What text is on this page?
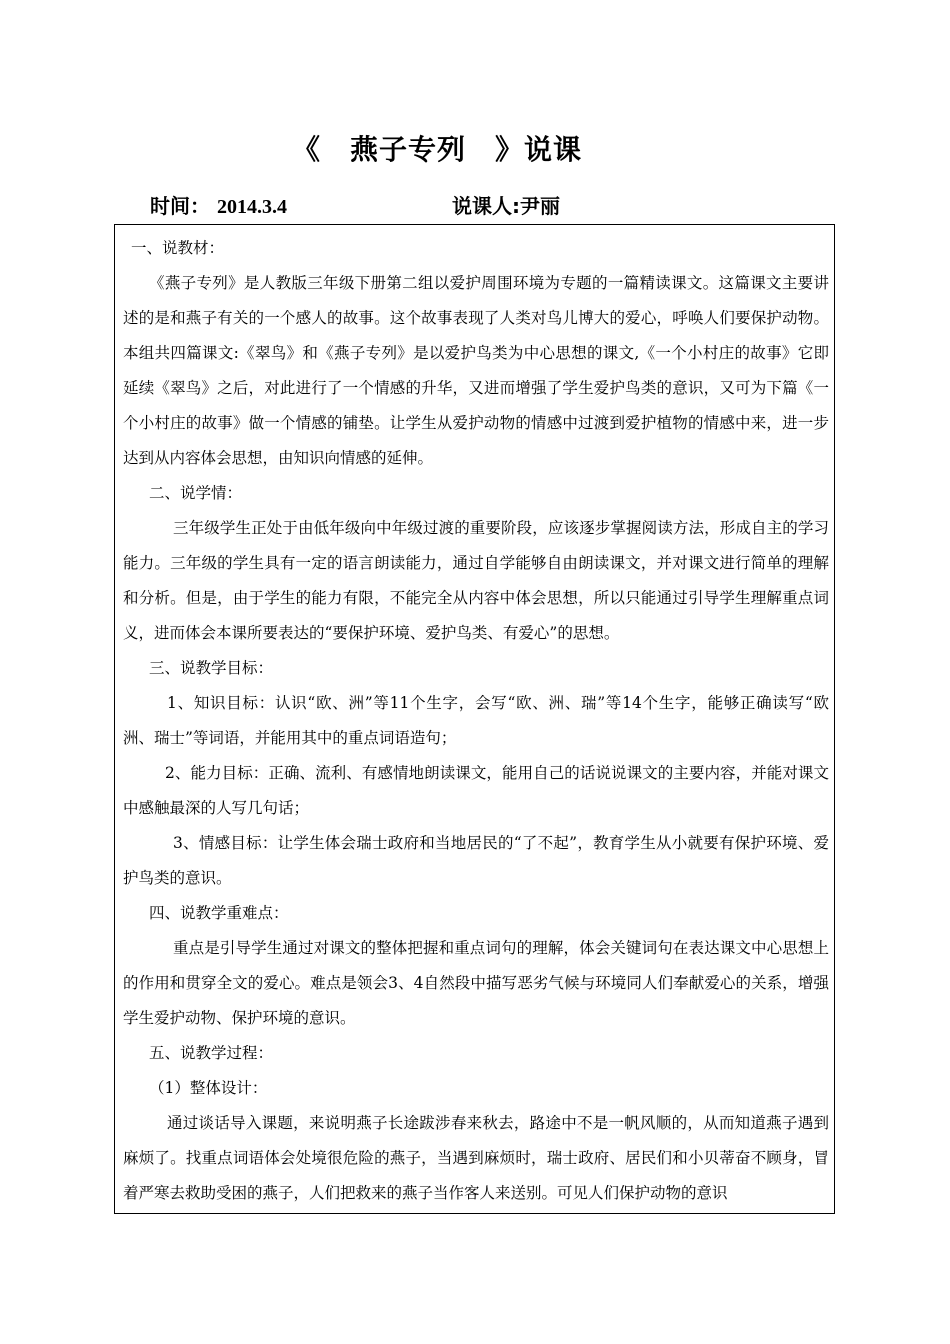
《　燕子专列　》说课
时间： 2014.3.4	说课人:尹丽

一、说教材：

《燕子专列》是人教版三年级下册第二组以爱护周围环境为专题的一篇精读课文。这篇课文主要讲述的是和燕子有关的一个感人的故事。这个故事表现了人类对鸟儿博大的爱心，呼唤人们要保护动物。本组共四篇课文:《翠鸟》和《燕子专列》是以爱护鸟类为中心思想的课文,《一个小村庄的故事》它即延续《翠鸟》之后，对此进行了一个情感的升华，又进而增强了学生爱护鸟类的意识，又可为下篇《一个小村庄的故事》做一个情感的铺垫。让学生从爱护动物的情感中过渡到爱护植物的情感中来，进一步达到从内容体会思想，由知识向情感的延伸。

二、说学情：

三年级学生正处于由低年级向中年级过渡的重要阶段，应该逐步掌握阅读方法，形成自主的学习能力。三年级的学生具有一定的语言朗读能力，通过自学能够自由朗读课文，并对课文进行简单的理解和分析。但是，由于学生的能力有限，不能完全从内容中体会思想，所以只能通过引导学生理解重点词义，进而体会本课所要表达的“要保护环境、爱护鸟类、有爱心”的思想。

三、说教学目标：

1、知识目标：认识“欧、洲”等11个生字，会写“欧、洲、瑞”等14个生字，能够正确读写“欧洲、瑞士”等词语，并能用其中的重点词语造句；

2、能力目标：正确、流利、有感情地朗读课文，能用自己的话说说课文的主要内容，并能对课文中感触最深的人写几句话；

3、情感目标：让学生体会瑞士政府和当地居民的“了不起”，教育学生从小就要有保护环境、爱护鸟类的意识。

四、说教学重难点：

重点是引导学生通过对课文的整体把握和重点词句的理解，体会关键词句在表达课文中心思想上的作用和贯穿全文的爱心。难点是领会3、4自然段中描写恶劣气候与环境同人们奉献爱心的关系，增强学生爱护动物、保护环境的意识。

五、说教学过程：

（1）整体设计：

通过谈话导入课题，来说明燕子长途跋涉春来秋去，路途中不是一帆风顺的，从而知道燕子遇到麻烦了。找重点词语体会处境很危险的燕子，当遇到麻烦时，瑞士政府、居民们和小贝蒂奋不顾身，冒着严寒去救助受困的燕子，人们把救来的燕子当作客人来送别。可见人们保护动物的意识
